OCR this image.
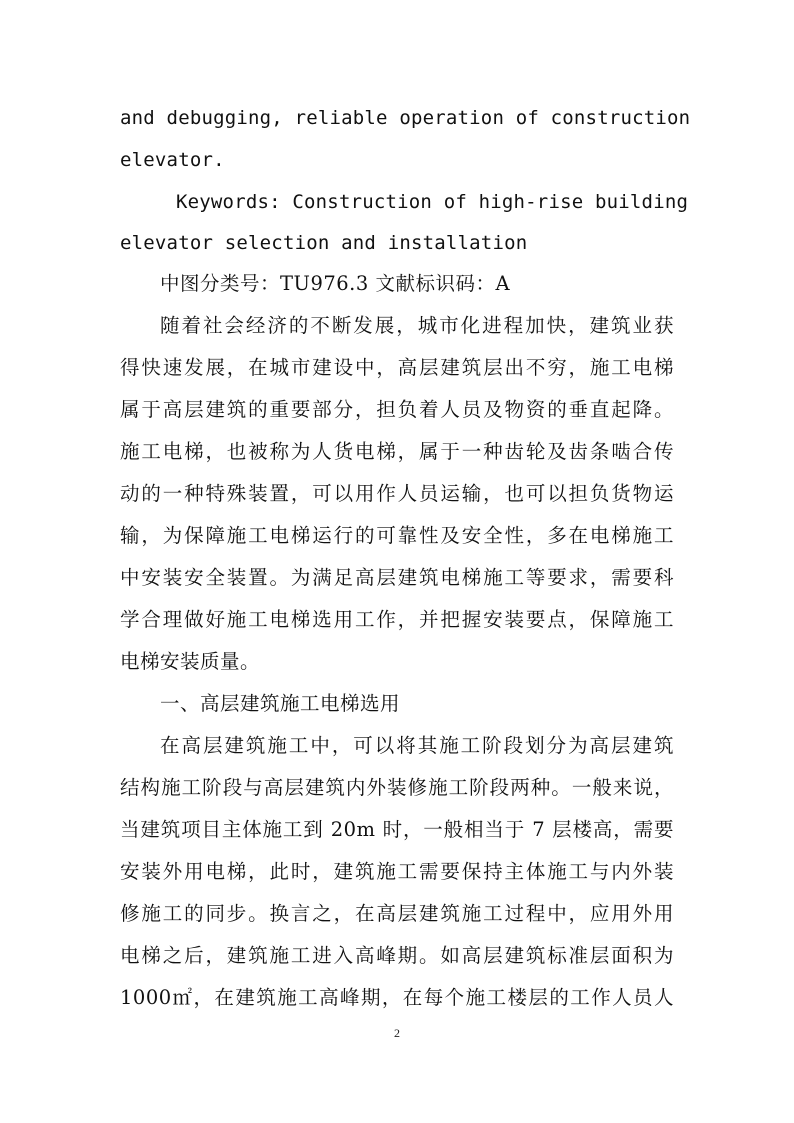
and debugging, reliable operation of construction
elevator.
Keywords: Construction of high-rise building
elevator selection and installation
中图分类号：TU976.3 文献标识码：A
随着社会经济的不断发展，城市化进程加快，建筑业获
得快速发展，在城市建设中，高层建筑层出不穷，施工电梯
属于高层建筑的重要部分，担负着人员及物资的垂直起降。
施工电梯，也被称为人货电梯，属于一种齿轮及齿条啮合传
动的一种特殊装置，可以用作人员运输，也可以担负货物运
输，为保障施工电梯运行的可靠性及安全性，多在电梯施工
中安装安全装置。为满足高层建筑电梯施工等要求，需要科
学合理做好施工电梯选用工作，并把握安装要点，保障施工
电梯安装质量。
一、高层建筑施工电梯选用
在高层建筑施工中，可以将其施工阶段划分为高层建筑
结构施工阶段与高层建筑内外装修施工阶段两种。一般来说，
当建筑项目主体施工到 20m 时，一般相当于 7 层楼高，需要
安装外用电梯，此时，建筑施工需要保持主体施工与内外装
修施工的同步。换言之，在高层建筑施工过程中，应用外用
电梯之后，建筑施工进入高峰期。如高层建筑标准层面积为
1000㎡，在建筑施工高峰期，在每个施工楼层的工作人员人
2
